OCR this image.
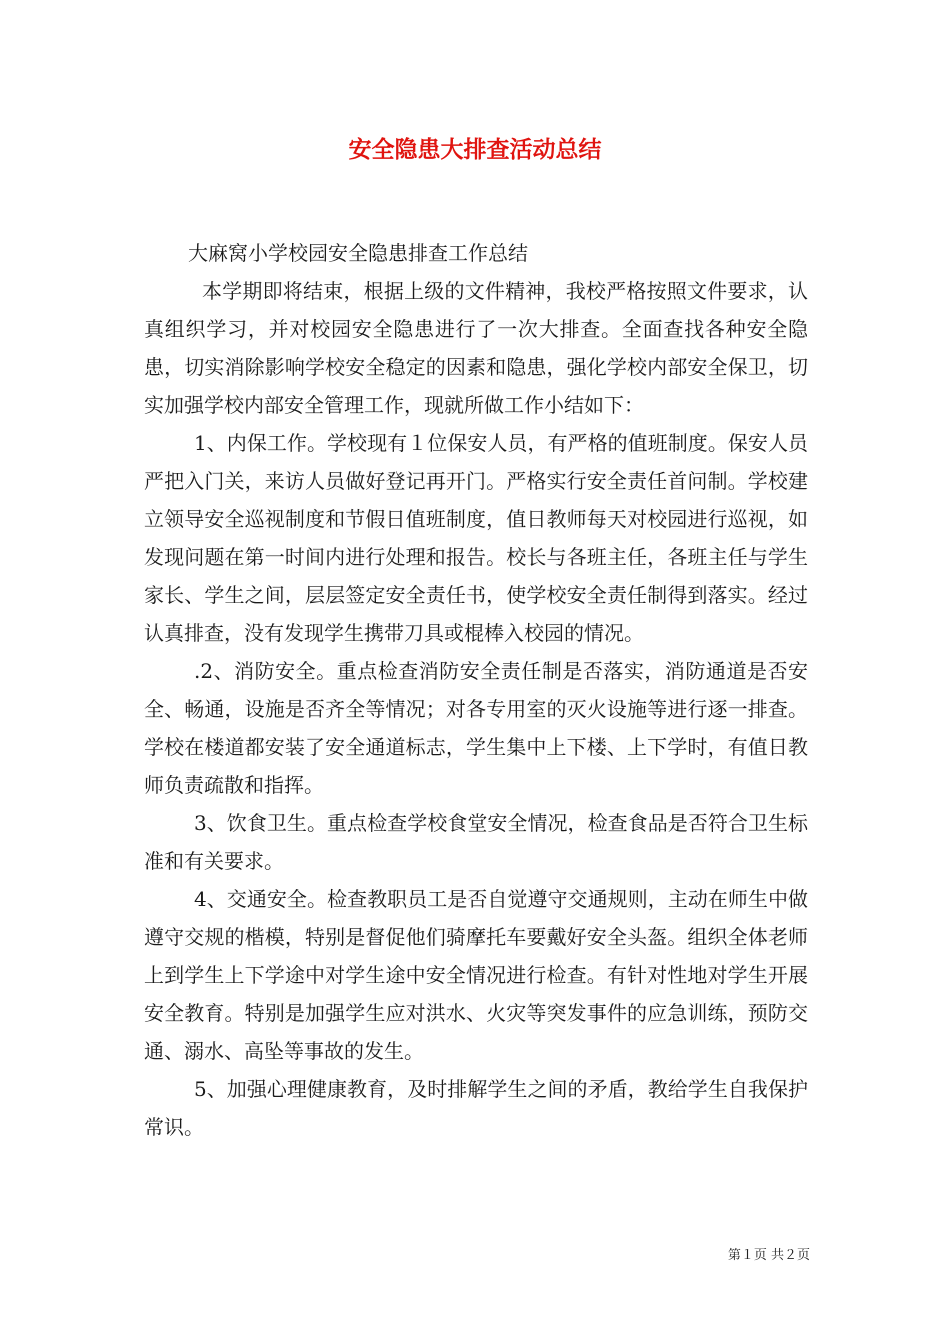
安全隐患大排查活动总结

大麻窝小学校园安全隐患排查工作总结

本学期即将结束，根据上级的文件精神，我校严格按照文件要求，认真组织学习，并对校园安全隐患进行了一次大排查。全面查找各种安全隐患，切实消除影响学校安全稳定的因素和隐患，强化学校内部安全保卫，切实加强学校内部安全管理工作，现就所做工作小结如下：

1、内保工作。学校现有１位保安人员，有严格的值班制度。保安人员严把入门关，来访人员做好登记再开门。严格实行安全责任首问制。学校建立领导安全巡视制度和节假日值班制度，值日教师每天对校园进行巡视，如发现问题在第一时间内进行处理和报告。校长与各班主任，各班主任与学生家长、学生之间，层层签定安全责任书，使学校安全责任制得到落实。经过认真排查，没有发现学生携带刀具或棍棒入校园的情况。

.2、消防安全。重点检查消防安全责任制是否落实，消防通道是否安全、畅通，设施是否齐全等情况；对各专用室的灭火设施等进行逐一排查。学校在楼道都安装了安全通道标志，学生集中上下楼、上下学时，有值日教师负责疏散和指挥。

3、饮食卫生。重点检查学校食堂安全情况，检查食品是否符合卫生标准和有关要求。

4、交通安全。检查教职员工是否自觉遵守交通规则，主动在师生中做遵守交规的楷模，特别是督促他们骑摩托车要戴好安全头盔。组织全体老师上到学生上下学途中对学生途中安全情况进行检查。有针对性地对学生开展安全教育。特别是加强学生应对洪水、火灾等突发事件的应急训练，预防交通、溺水、高坠等事故的发生。

5、加强心理健康教育，及时排解学生之间的矛盾，教给学生自我保护常识。

第１页 共２页
